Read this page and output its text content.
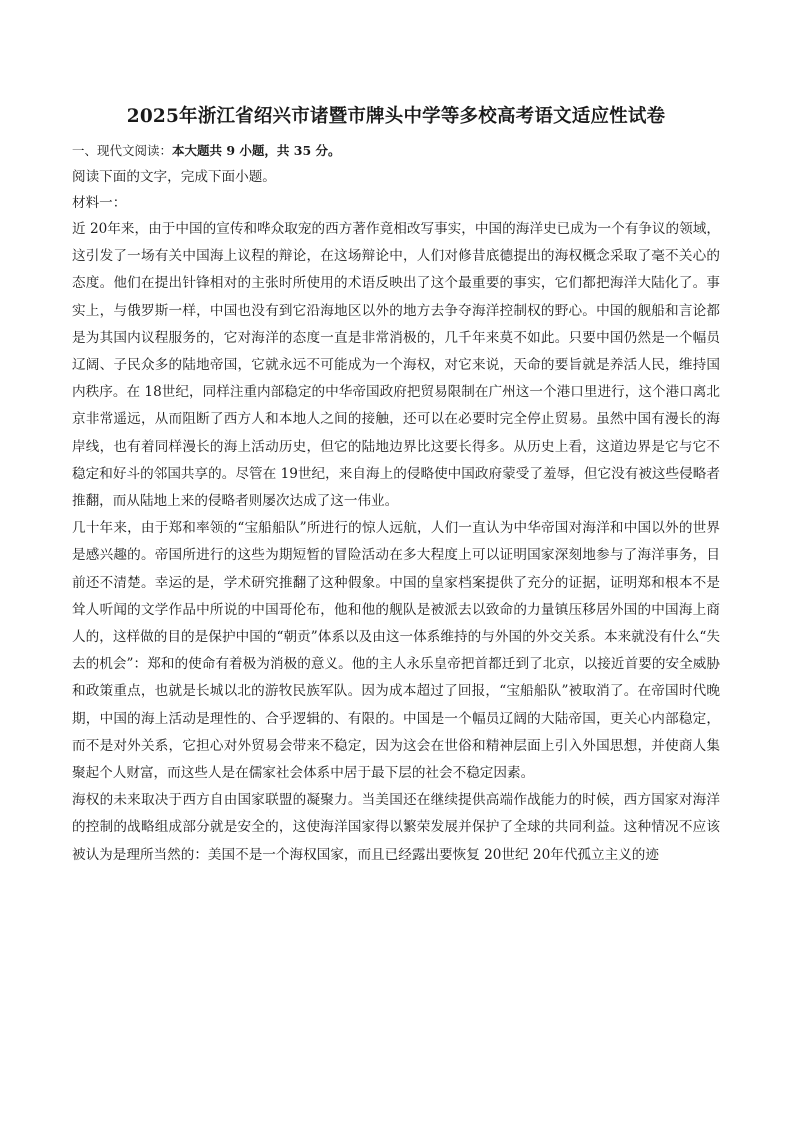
2025年浙江省绍兴市诸暨市牌头中学等多校高考语文适应性试卷
一、现代文阅读：本大题共 9 小题，共 35 分。

阅读下面的文字，完成下面小题。

材料一：

近 20年来，由于中国的宣传和哗众取宠的西方著作竟相改写事实，中国的海洋史已成为一个有争议的领域，这引发了一场有关中国海上议程的辩论，在这场辩论中，人们对修昔底德提出的海权概念采取了毫不关心的态度。他们在提出针锋相对的主张时所使用的术语反映出了这个最重要的事实，它们都把海洋大陆化了。事实上，与俄罗斯一样，中国也没有到它沿海地区以外的地方去争夺海洋控制权的野心。中国的舰船和言论都是为其国内议程服务的，它对海洋的态度一直是非常消极的，几千年来莫不如此。只要中国仍然是一个幅员辽阔、子民众多的陆地帝国，它就永远不可能成为一个海权，对它来说，天命的要旨就是养活人民，维持国内秩序。在 18世纪，同样注重内部稳定的中华帝国政府把贸易限制在广州这一个港口里进行，这个港口离北京非常遥远，从而阻断了西方人和本地人之间的接触，还可以在必要时完全停止贸易。虽然中国有漫长的海岸线，也有着同样漫长的海上活动历史，但它的陆地边界比这要长得多。从历史上看，这道边界是它与它不稳定和好斗的邻国共享的。尽管在 19世纪，来自海上的侵略使中国政府蒙受了羞辱，但它没有被这些侵略者推翻，而从陆地上来的侵略者则屡次达成了这一伟业。

几十年来，由于郑和率领的“宝船船队”所进行的惊人远航，人们一直认为中华帝国对海洋和中国以外的世界是感兴趣的。帝国所进行的这些为期短暂的冒险活动在多大程度上可以证明国家深刻地参与了海洋事务，目前还不清楚。幸运的是，学术研究推翻了这种假象。中国的皇家档案提供了充分的证据，证明郑和根本不是耸人听闻的文学作品中所说的中国哥伦布，他和他的舰队是被派去以致命的力量镇压移居外国的中国海上商人的，这样做的目的是保护中国的“朝贡”体系以及由这一体系维持的与外国的外交关系。本来就没有什么“失去的机会”：郑和的使命有着极为消极的意义。他的主人永乐皇帝把首都迁到了北京，以接近首要的安全威胁和政策重点，也就是长城以北的游牧民族军队。因为成本超过了回报，“宝船船队”被取消了。在帝国时代晚期，中国的海上活动是理性的、合乎逻辑的、有限的。中国是一个幅员辽阔的大陆帝国，更关心内部稳定，而不是对外关系，它担心对外贸易会带来不稳定，因为这会在世俗和精神层面上引入外国思想，并使商人集聚起个人财富，而这些人是在儒家社会体系中居于最下层的社会不稳定因素。

海权的未来取决于西方自由国家联盟的凝聚力。当美国还在继续提供高端作战能力的时候，西方国家对海洋的控制的战略组成部分就是安全的，这使海洋国家得以繁荣发展并保护了全球的共同利益。这种情况不应该被认为是理所当然的：美国不是一个海权国家，而且已经露出要恢复 20世纪 20年代孤立主义的迹
